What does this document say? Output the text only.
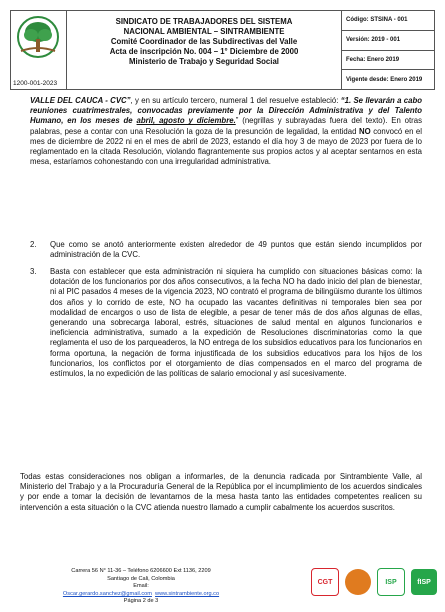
1200-001-2023
SINDICATO DE TRABAJADORES DEL SISTEMA
NACIONAL AMBIENTAL – SINTRAMBIENTE
Comité Coordinador de las Subdirectivas del Valle
Acta de inscripción No. 004 – 1° Diciembre de 2000
Ministerio de Trabajo y Seguridad Social
Código: STSINA - 001
Versión: 2019 - 001
Fecha: Enero 2019
Vigente desde: Enero 2019

VALLE DEL CAUCA - CVC”, y en su artículo tercero, numeral 1 del resuelve estableció: “1. Se llevarán a cabo reuniones cuatrimestrales, convocadas previamente por la Dirección Administrativa y del Talento Humano, en los meses de abril, agosto y diciembre.” (negrillas y subrayadas fuera del texto). En otras palabras, pese a contar con una Resolución la goza de la presunción de legalidad, la entidad NO convocó en el mes de diciembre de 2022 ni en el mes de abril de 2023, estando el día hoy 3 de mayo de 2023 por fuera de lo reglamentado en la citada Resolución, violando flagrantemente sus propios actos y al aceptar sentarnos en esta mesa, estaríamos cohonestando con una irregularidad administrativa.

2. Que como se anotó anteriormente existen alrededor de 49 puntos que están siendo incumplidos por administración de la CVC.
3. Basta con establecer que esta administración ni siquiera ha cumplido con situaciones básicas como: la dotación de los funcionarios por dos años consecutivos, a la fecha NO ha dado inicio del plan de bienestar, ni al PIC pasados 4 meses de la vigencia 2023, NO contrató el programa de bilingüismo durante los últimos dos años y lo corrido de este, NO ha ocupado las vacantes definitivas ni temporales bien sea por modalidad de encargos o uso de lista de elegible, a pesar de tener más de dos años algunas de ellas, generando una sobrecarga laboral, estrés, situaciones de salud mental en algunos funcionarios e ineficiencia administrativa, sumado a la expedición de Resoluciones discriminatorias como la que reglamenta el uso de los parqueaderos, la NO entrega de los subsidios educativos para los funcionarios en forma oportuna, la negación de forma injustificada de los subsidios educativos para los hijos de los funcionarios, los conflictos por el otorgamiento de días compensados en el marco del programa de estímulos, la no expedición de las políticas de salario emocional y así sucesivamente.
Todas estas consideraciones nos obligan a informarles, de la denuncia radicada por Sintrambiente Valle, al Ministerio del Trabajo y a la Procuraduría General de la República por el incumplimiento de los acuerdos sindicales y por ende a tomar la decisión de levantarnos de la mesa hasta tanto las entidades competentes realicen su intervención a esta situación o la CVC atienda nuestro llamado a cumplir cabalmente los acuerdos suscritos.
Carrera 56 N° 11-36 – Teléfono 6206600 Ext 1136, 2209
Santiago de Cali, Colombia
Email: Oscar.gerardo.sanchez@gmail.com www.sintrambiente.org.co
Página 2 de 3
CGT	ISP	fISP
